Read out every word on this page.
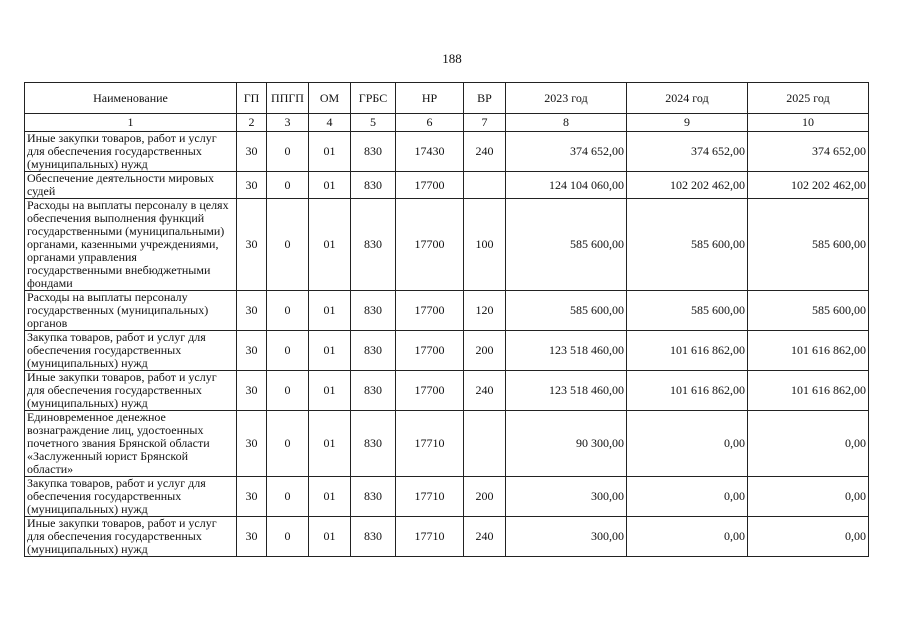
188
Наименование	ГП	ППГП	ОМ	ГРБС	НР	ВР	2023 год	2024 год	2025 год
1	2	3	4	5	6	7	8	9	10
Иные закупки товаров, работ и услуг для обеспечения государственных (муниципальных) нужд	30	0	01	830	17430	240	374 652,00	374 652,00	374 652,00
Обеспечение деятельности мировых судей	30	0	01	830	17700		124 104 060,00	102 202 462,00	102 202 462,00
Расходы на выплаты персоналу в целях обеспечения выполнения функций государственными (муниципальными) органами, казенными учреждениями, органами управления государственными внебюджетными фондами	30	0	01	830	17700	100	585 600,00	585 600,00	585 600,00
Расходы на выплаты персоналу государственных (муниципальных) органов	30	0	01	830	17700	120	585 600,00	585 600,00	585 600,00
Закупка товаров, работ и услуг для обеспечения государственных (муниципальных) нужд	30	0	01	830	17700	200	123 518 460,00	101 616 862,00	101 616 862,00
Иные закупки товаров, работ и услуг для обеспечения государственных (муниципальных) нужд	30	0	01	830	17700	240	123 518 460,00	101 616 862,00	101 616 862,00
Единовременное денежное вознаграждение лиц, удостоенных почетного звания Брянской области «Заслуженный юрист Брянской области»	30	0	01	830	17710		90 300,00	0,00	0,00
Закупка товаров, работ и услуг для обеспечения государственных (муниципальных) нужд	30	0	01	830	17710	200	300,00	0,00	0,00
Иные закупки товаров, работ и услуг для обеспечения государственных (муниципальных) нужд	30	0	01	830	17710	240	300,00	0,00	0,00
